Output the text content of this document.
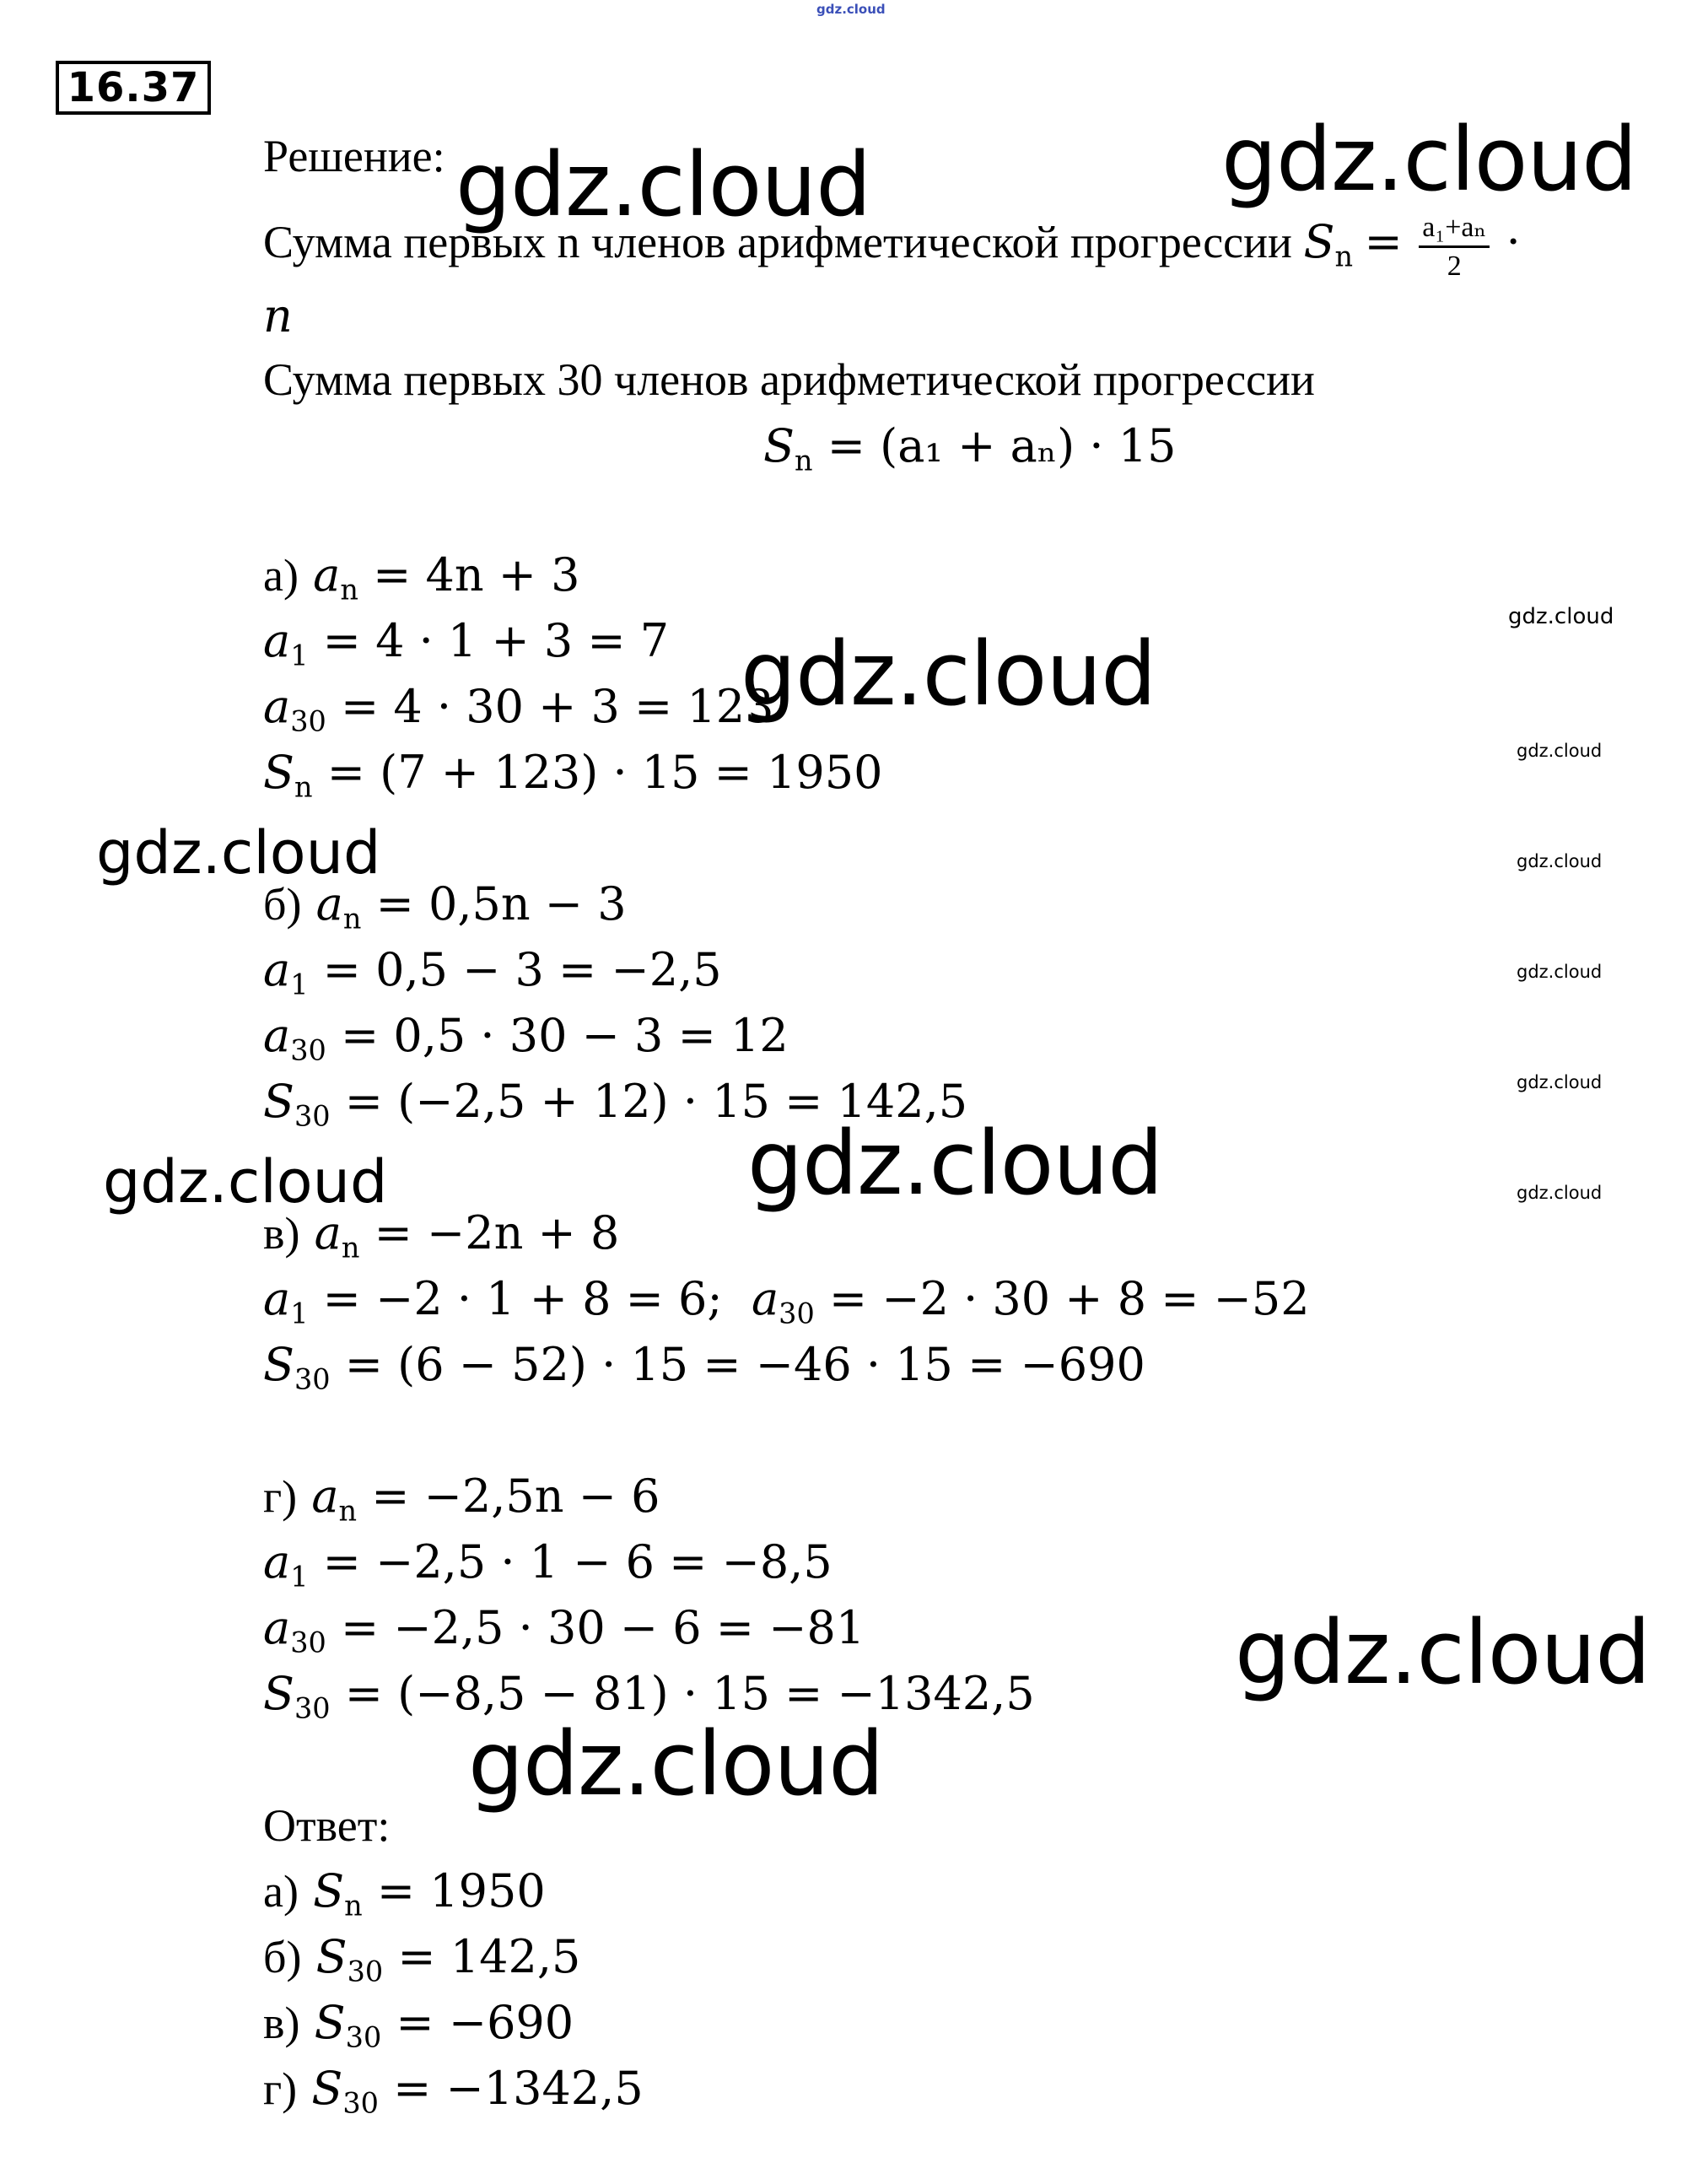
gdz.cloud
16.37
Решение:
Сумма первых n членов арифметической прогрессии $Sn = \frac{\text{a₁+aₙ}}{2}$ ·
n
Сумма первых 30 членов арифметической прогрессии
Sn = (a₁ + aₙ) · 15
а) an = 4n + 3
a1 = 4 · 1 + 3 = 7
a30 = 4 · 30 + 3 = 123
Sn = (7 + 123) · 15 = 1950
б) an = 0,5n − 3
a1 = 0,5 − 3 = −2,5
a30 = 0,5 · 30 − 3 = 12
S30 = (−2,5 + 12) · 15 = 142,5
в) an = −2n + 8
a1 = −2 · 1 + 8 = 6; a30 = −2 · 30 + 8 = −52
S30 = (6 − 52) · 15 = −46 · 15 = −690
г) an = −2,5n − 6
a1 = −2,5 · 1 − 6 = −8,5
a30 = −2,5 · 30 − 6 = −81
S30 = (−8,5 − 81) · 15 = −1342,5
Ответ:
а) Sn = 1950
б) S30 = 142,5
в) S30 = −690
г) S30 = −1342,5
gdz.cloud	gdz.cloud
gdz.cloud
gdz.cloud
gdz.cloud
gdz.cloud
gdz.cloud
gdz.cloud
gdz.cloud
gdz.cloud
gdz.cloud
gdz.cloud
gdz.cloud
gdz.cloud
